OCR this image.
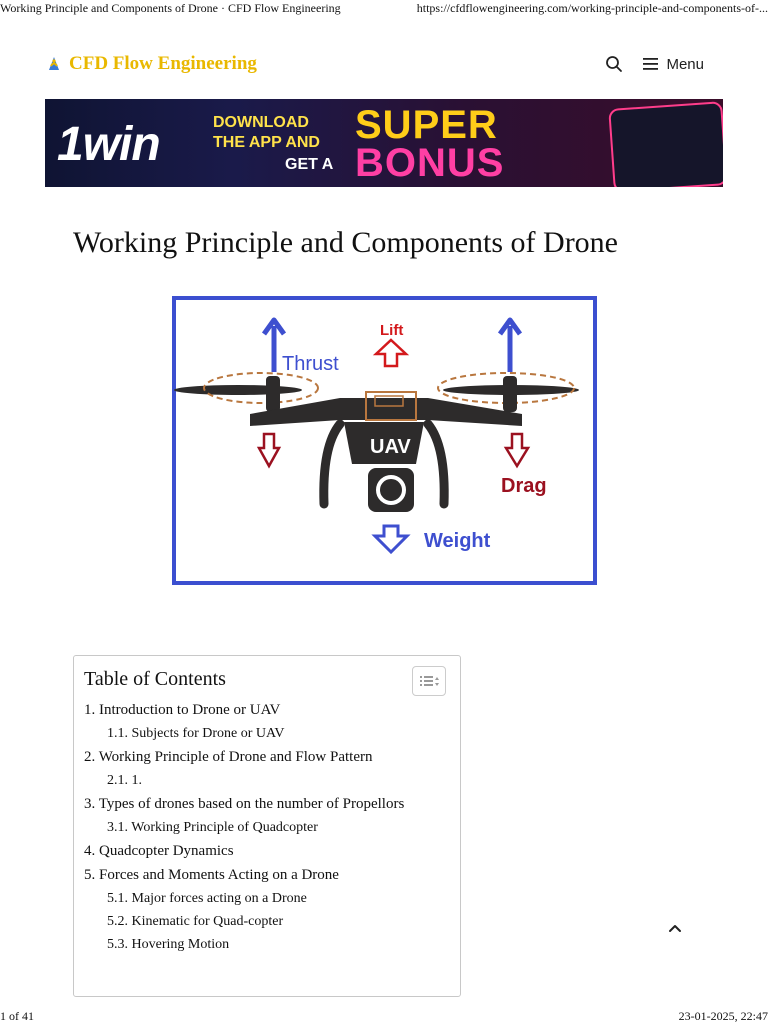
Working Principle and Components of Drone · CFD Flow Engineering	https://cfdflowengineering.com/working-principle-and-components-of-...
CFD Flow Engineering	Menu
1win	DOWNLOAD
THE APP AND
GET A
SUPER
BONUS
Working Principle and Components of Drone
Thrust
Lift
UAV
Drag
Weight
Table of Contents
1. Introduction to Drone or UAV
1.1. Subjects for Drone or UAV
2. Working Principle of Drone and Flow Pattern
2.1. 1.
3. Types of drones based on the number of Propellors
3.1. Working Principle of Quadcopter
4. Quadcopter Dynamics
5. Forces and Moments Acting on a Drone
5.1. Major forces acting on a Drone
5.2. Kinematic for Quad-copter
5.3. Hovering Motion
1 of 41	23-01-2025, 22:47
